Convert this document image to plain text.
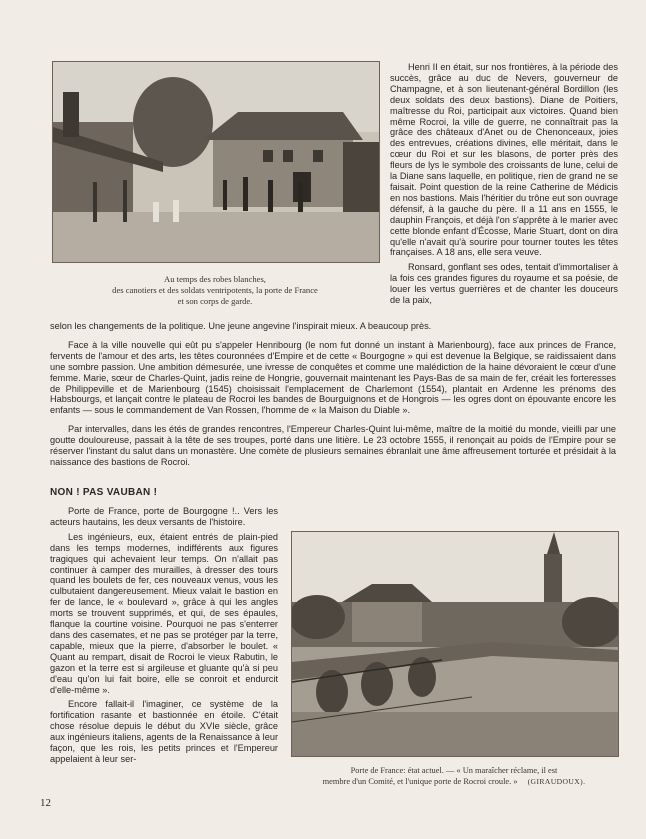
Au temps des robes blanches,
des canotiers et des soldats ventripotents, la porte de France
et son corps de garde.

Henri II en était, sur nos frontières, à la période des succès, grâce au duc de Nevers, gouverneur de Champagne, et à son lieutenant-général Bordillon (les deux soldats des deux bastions). Diane de Poitiers, maîtresse du Roi, participait aux victoires. Quand bien même Rocroi, la ville de guerre, ne connaîtrait pas la grâce des châteaux d'Anet ou de Chenonceaux, joies des entrevues, créations divines, elle méritait, dans le cœur du Roi et sur les blasons, de porter près des fleurs de lys le symbole des croissants de lune, celui de la Diane sans laquelle, en politique, rien de grand ne se faisait. Point question de la reine Catherine de Médicis en nos bastions. Mais l'héritier du trône eut son ouvrage défensif, à la gauche du père. Il a 11 ans en 1555, le dauphin François, et déjà l'on s'apprête à le marier avec cette blonde enfant d'Écosse, Marie Stuart, dont on dira qu'elle n'avait qu'à sourire pour tourner toutes les têtes françaises. A 18 ans, elle sera veuve.

Ronsard, gonflant ses odes, tentait d'immortaliser à la fois ces grandes figures du royaume et sa poésie, de louer les vertus guerrières et de chanter les douceurs de la paix,

selon les changements de la politique. Une jeune angevine l'inspirait mieux. A beaucoup près.

Face à la ville nouvelle qui eût pu s'appeler Henribourg (le nom fut donné un instant à Marienbourg), face aux princes de France, fervents de l'amour et des arts, les têtes couronnées d'Empire et de cette « Bourgogne » qui est devenue la Belgique, se raidissaient dans une sombre passion. Une ambition démesurée, une ivresse de conquêtes et comme une malédiction de la haine dévoraient le cœur d'une femme. Marie, sœur de Charles-Quint, jadis reine de Hongrie, gouvernait maintenant les Pays-Bas de sa main de fer, créait les forteresses de Philippeville et de Marienbourg (1545) choisissait l'emplacement de Charlemont (1554), plantait en Ardenne les prénoms des Habsbourgs, et lançait contre le plateau de Rocroi les bandes de Bourguignons et de Hongrois — les ogres dont on épouvante encore les enfants — sous le commandement de Van Rossen, l'homme de « la Maison du Diable ».

Par intervalles, dans les étés de grandes rencontres, l'Empereur Charles-Quint lui-même, maître de la moitié du monde, vieilli par une goutte douloureuse, passait à la tête de ses troupes, porté dans une litière. Le 23 octobre 1555, il renonçait au poids de l'Empire pour se réserver l'instant du salut dans un monastère. Une comète de plusieurs semaines ébranlait une âme affreusement torturée et présidait à la naissance des bastions de Rocroi.

NON ! PAS VAUBAN !

Porte de France, porte de Bourgogne !.. Vers les acteurs hautains, les deux versants de l'histoire.

Les ingénieurs, eux, étaient entrés de plain-pied dans les temps modernes, indifférents aux figures tragiques qui achevaient leur temps. On n'allait pas continuer à camper des murailles, à dresser des tours quand les boulets de fer, ces nouveaux venus, vous les culbutaient dangereusement. Mieux valait le bastion en fer de lance, le « boulevard », grâce à qui les angles morts se trouvent supprimés, et qui, de ses épaules, flanque la courtine voisine. Pourquoi ne pas s'enterrer dans des casemates, et ne pas se protéger par la terre, capable, mieux que la pierre, d'absorber le boulet. « Quant au rempart, disait de Rocroi le vieux Rabutin, le gazon et la terre est si argileuse et gluante qu'à si peu d'eau qu'on lui fait boire, elle se conroit et endurcit d'elle-même ».

Encore fallait-il l'imaginer, ce système de la fortification rasante et bastionnée en étoile. C'était chose résolue depuis le début du XVIe siècle, grâce aux ingénieurs italiens, agents de la Renaissance à leur façon, que les rois, les petits princes et l'Empereur appelaient à leur ser-

Porte de France: état actuel. — « Un maraîcher réclame, il est
membre d'un Comité, et l'unique porte de Rocroi croule. » (GIRAUDOUX).
12
